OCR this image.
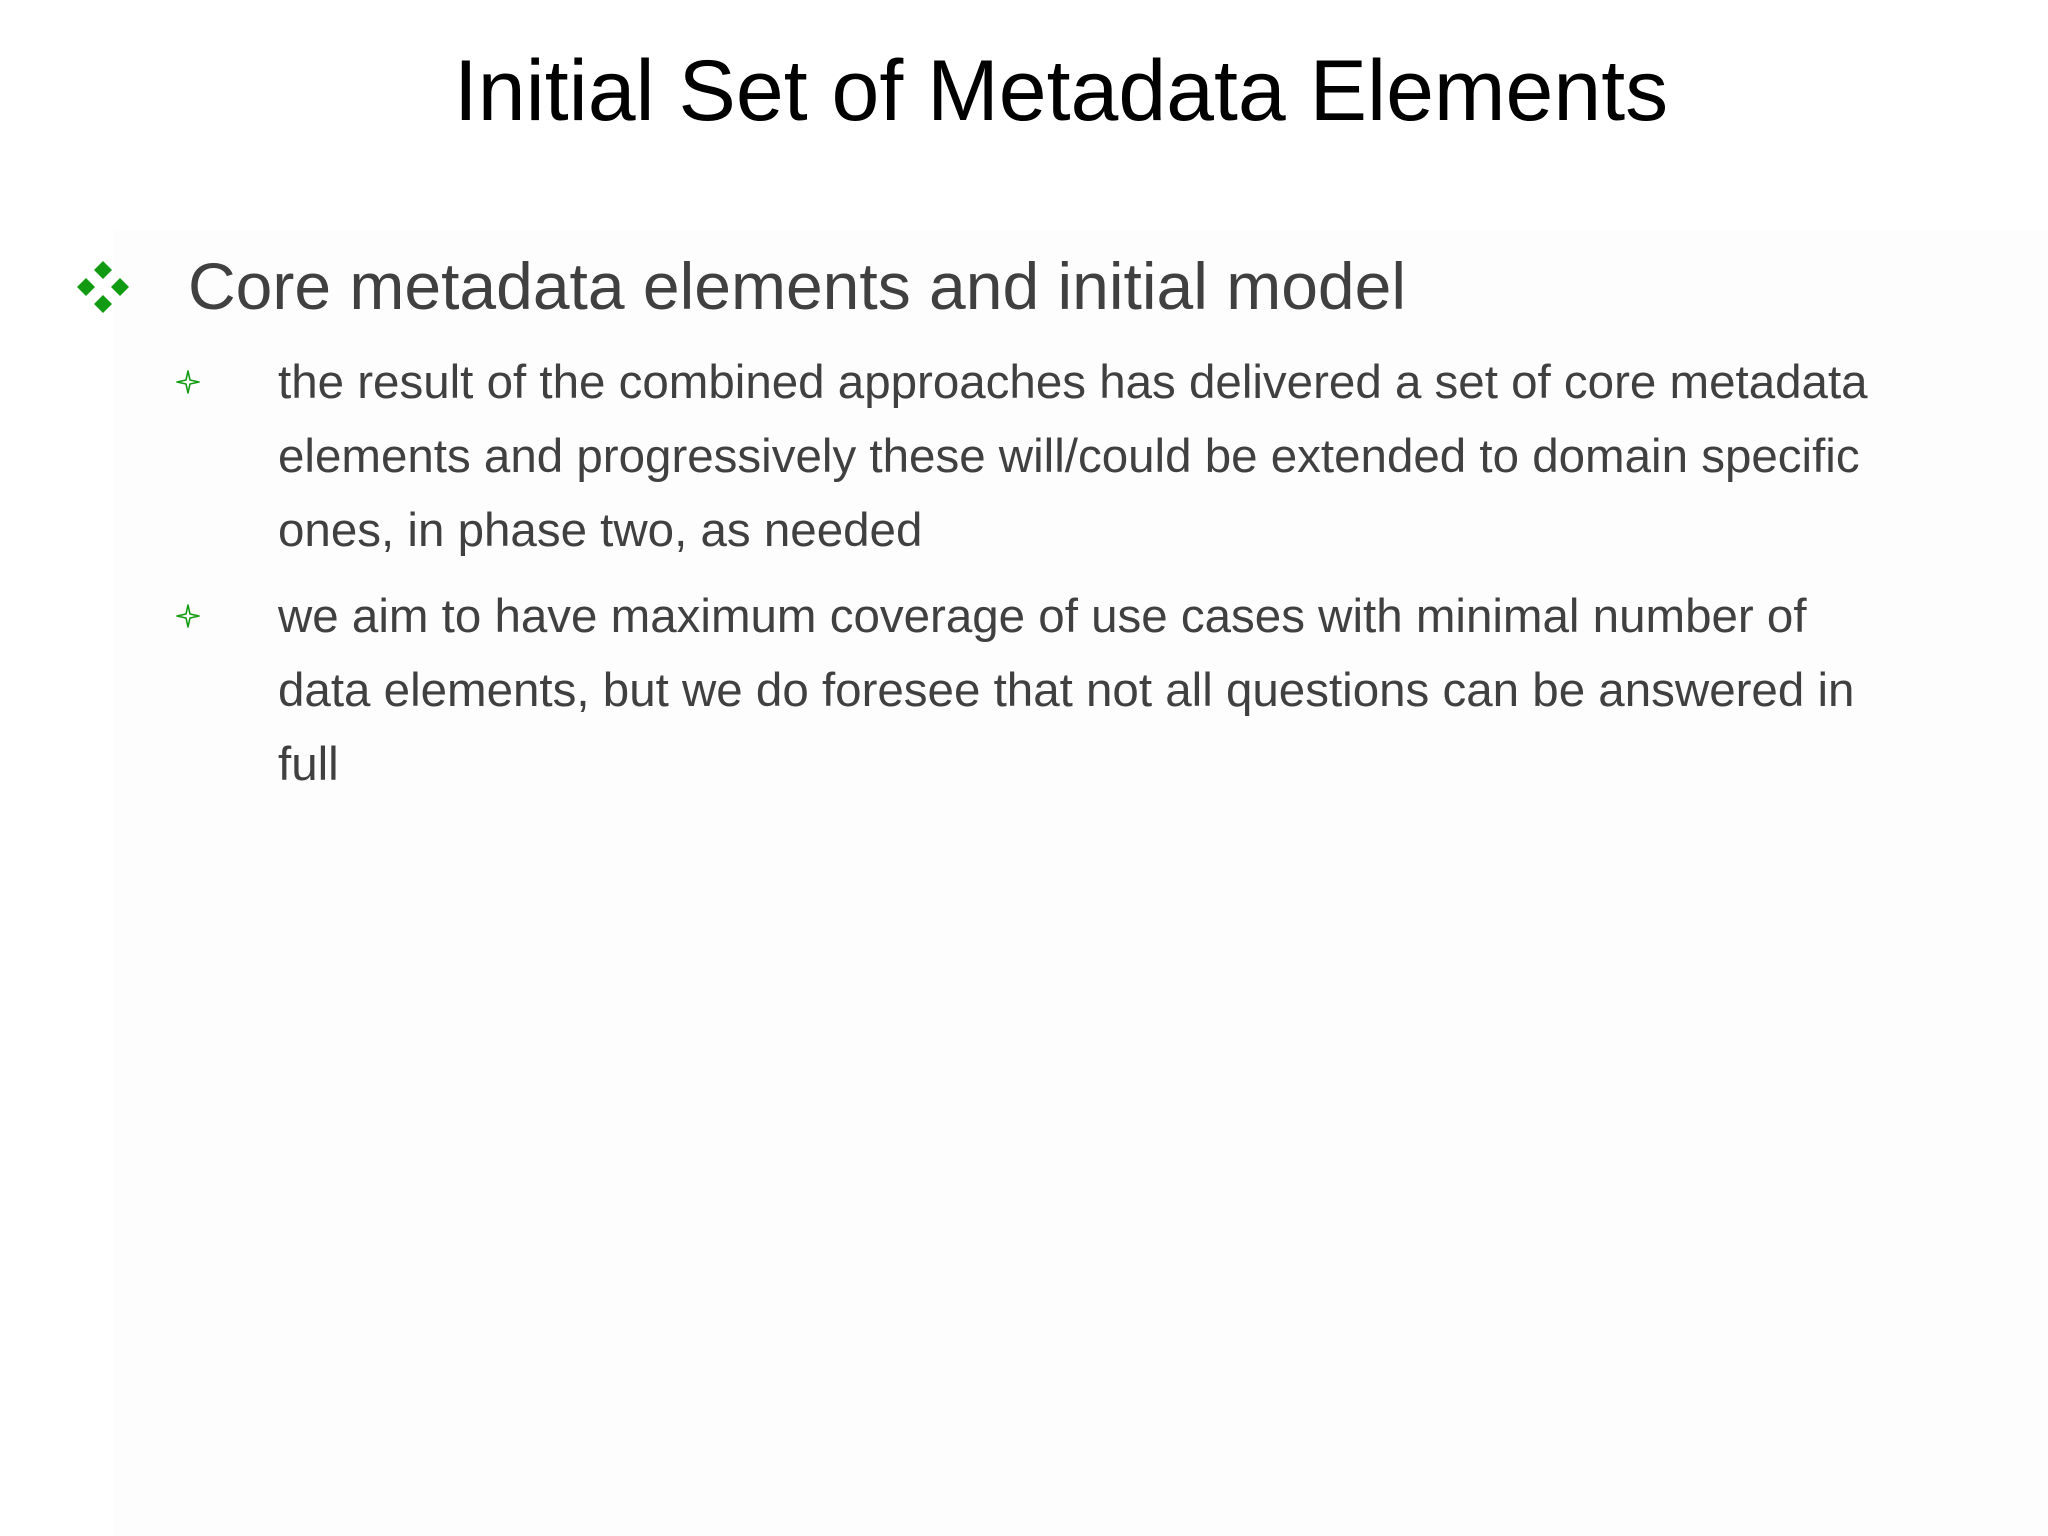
Initial Set of Metadata Elements
Core metadata elements and initial model
the result of the combined approaches has delivered a set of core metadata
elements and progressively these will/could be extended to domain specific
ones, in phase two, as needed
we aim to have maximum coverage of use cases with minimal number of
data elements, but we do foresee that not all questions can be answered in
full
